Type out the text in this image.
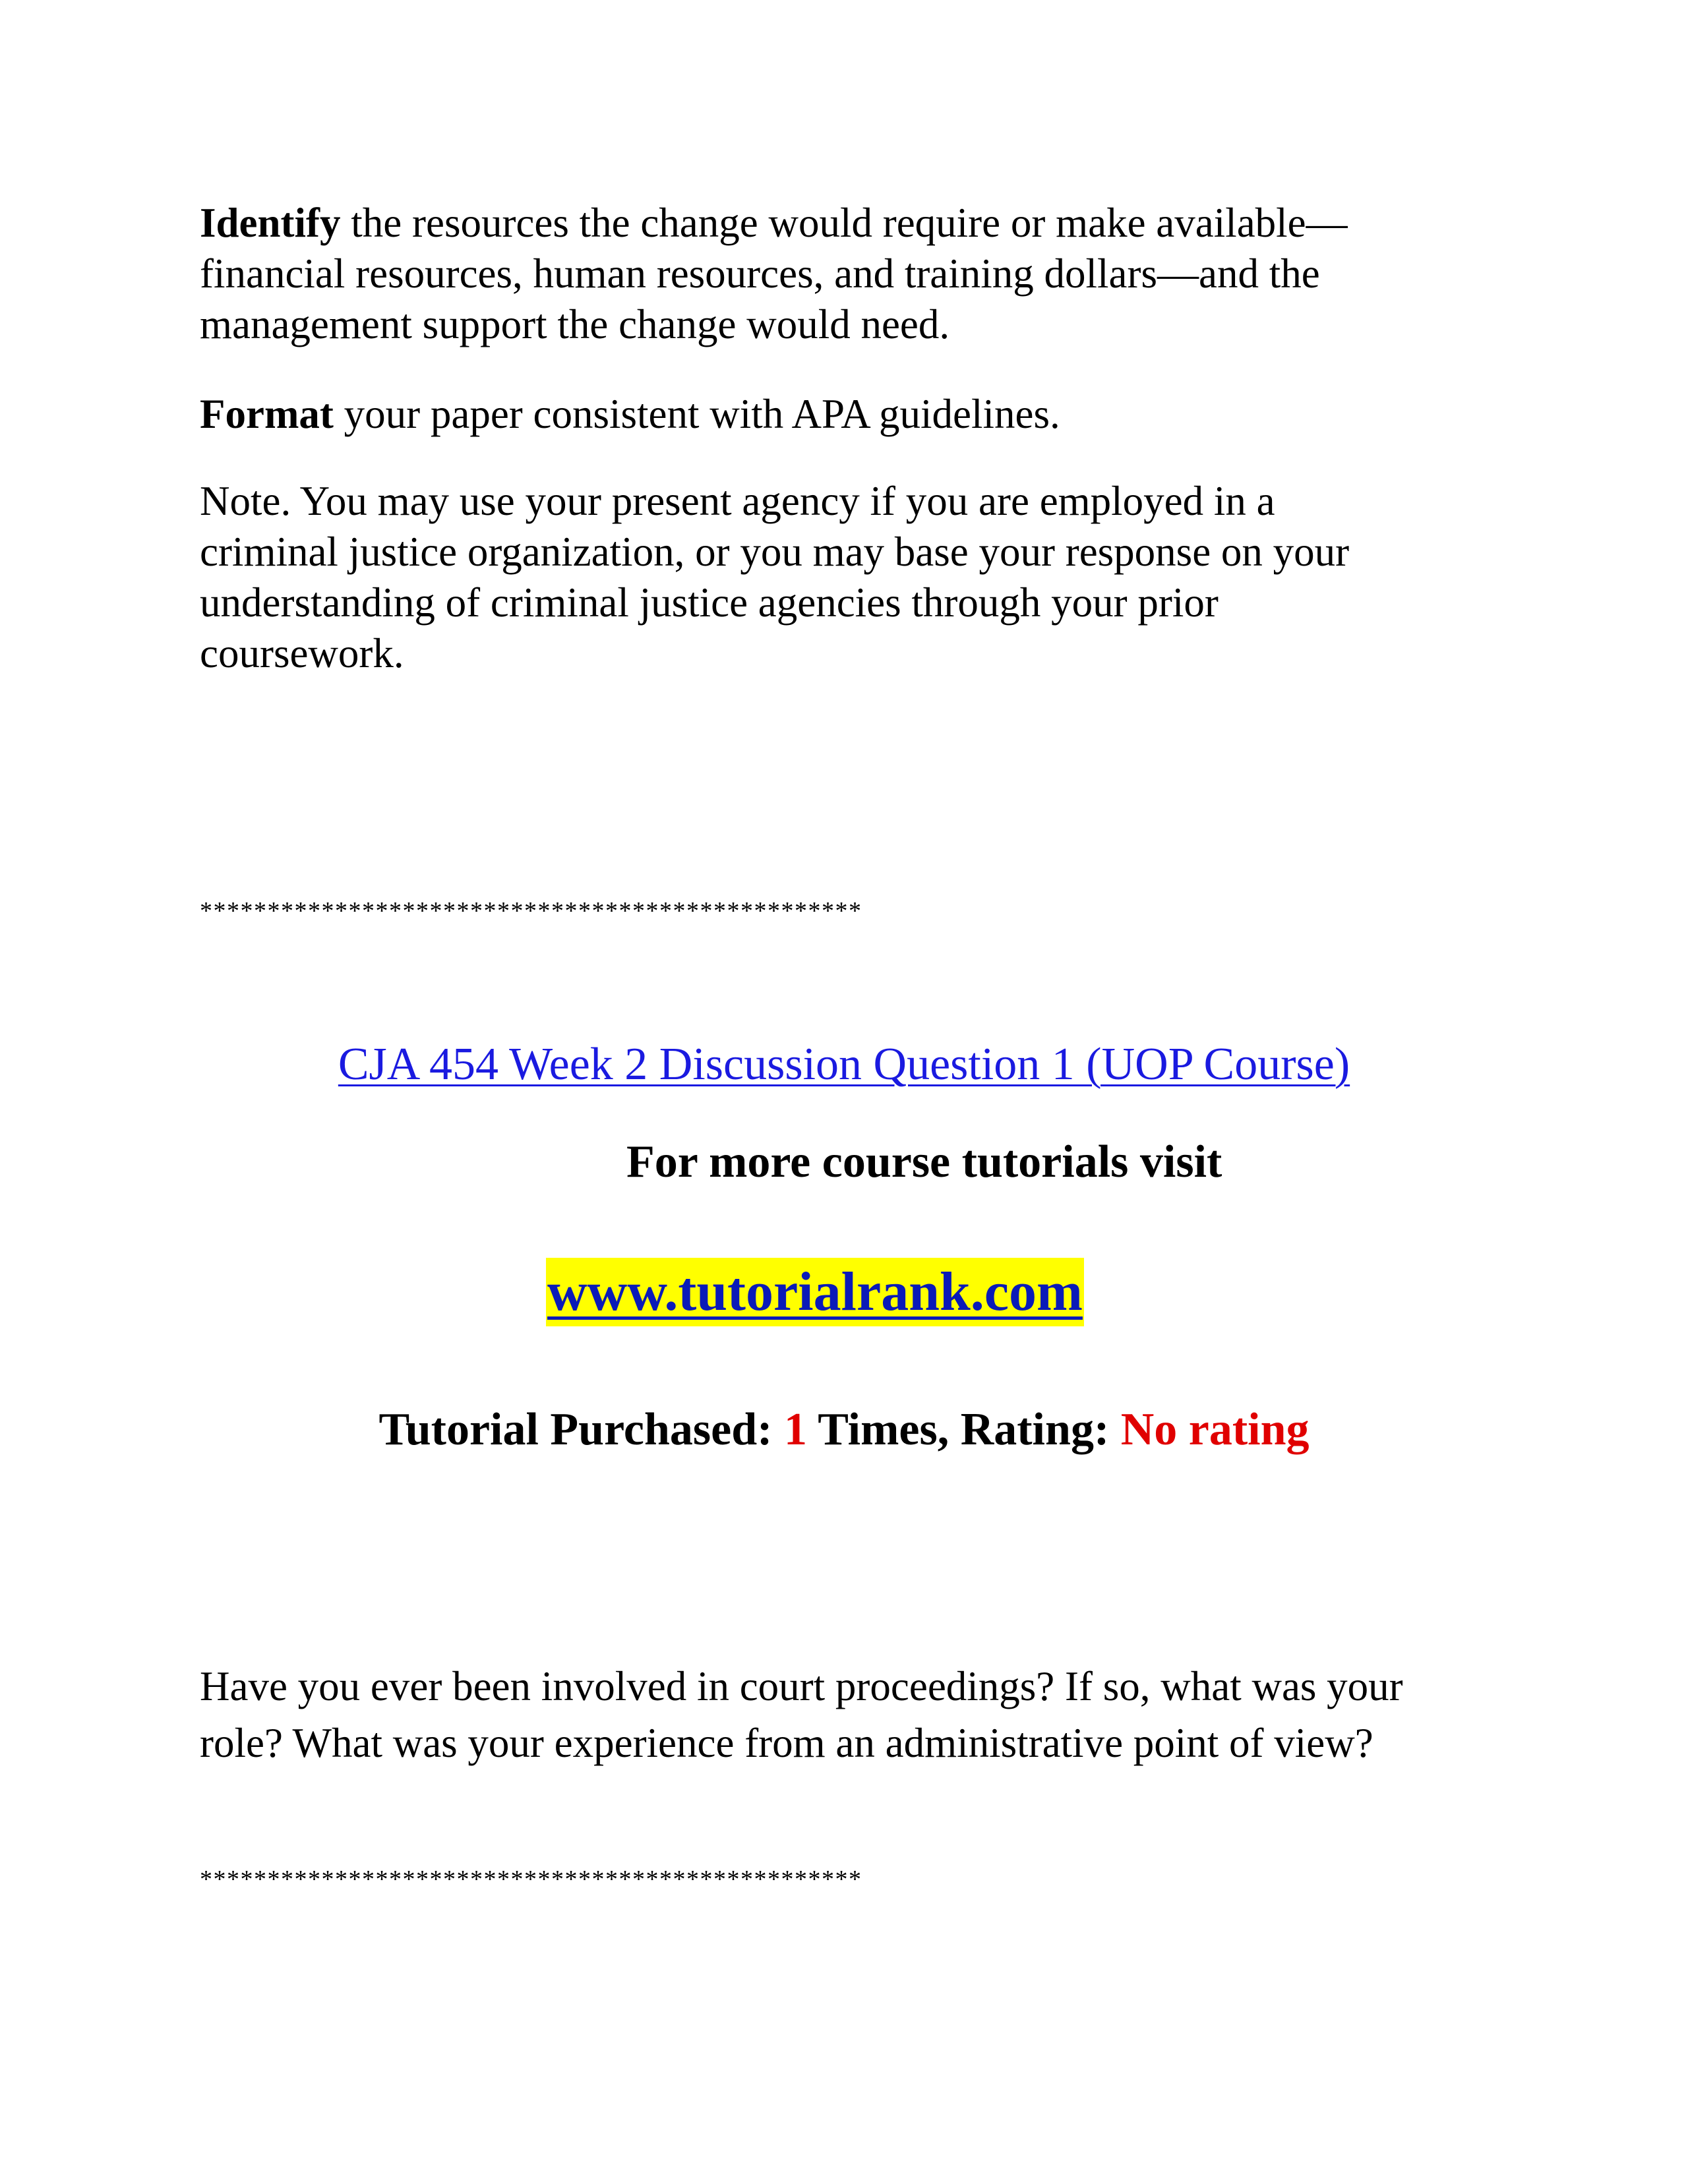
Identify the resources the change would require or make available—
financial resources, human resources, and training dollars—and the
management support the change would need.

Format your paper consistent with APA guidelines.

Note. You may use your present agency if you are employed in a
criminal justice organization, or you may base your response on your
understanding of criminal justice agencies through your prior
coursework.

*************************************************

CJA 454 Week 2 Discussion Question 1 (UOP Course)

For more course tutorials visit

www.tutorialrank.com

Tutorial Purchased: 1 Times, Rating: No rating

Have you ever been involved in court proceedings? If so, what was your
role? What was your experience from an administrative point of view?

*************************************************
